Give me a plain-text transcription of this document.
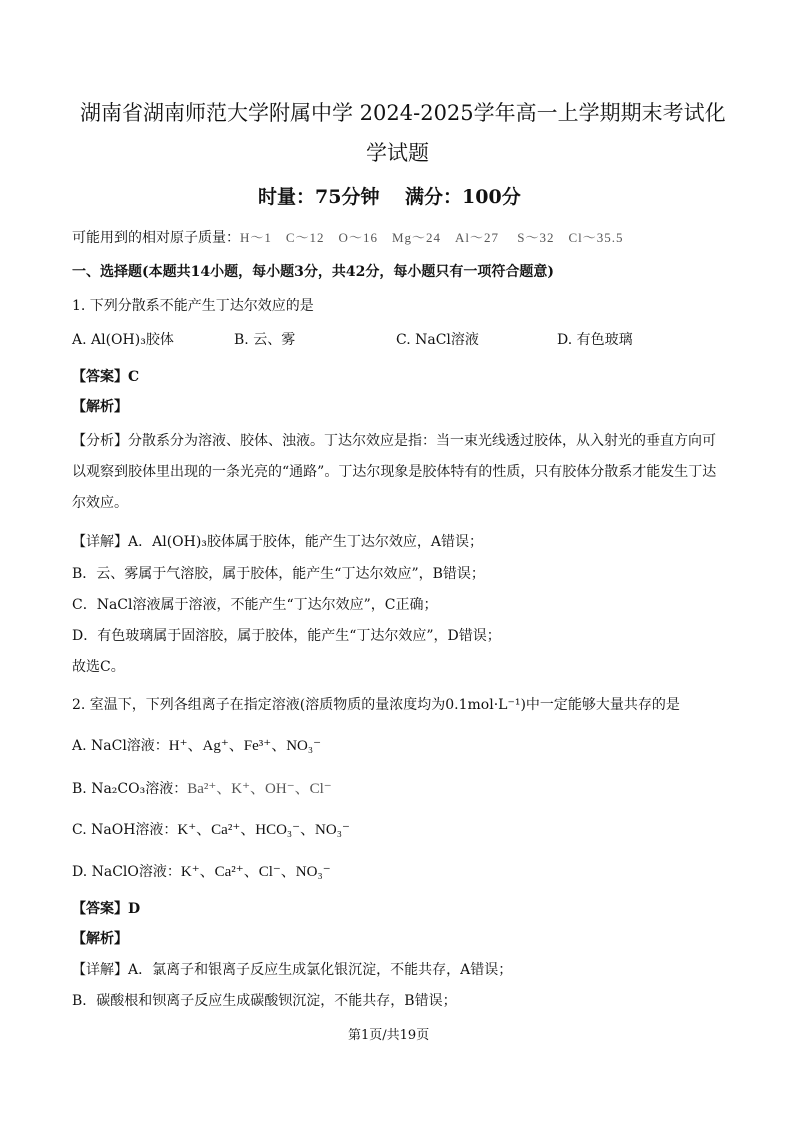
湖南省湖南师范大学附属中学 2024-2025学年高一上学期期末考试化
学试题
时量：75分钟　 满分：100分
可能用到的相对原子质量：H～1　C～12　O～16　Mg～24　Al～27　 S～32　Cl～35.5
一、选择题(本题共14小题，每小题3分，共42分，每小题只有一项符合题意)
1. 下列分散系不能产生丁达尔效应的是
A. Al(OH)₃胶体	B. 云、雾	C. NaCl溶液	D. 有色玻璃
【答案】C
【解析】
【分析】分散系分为溶液、胶体、浊液。丁达尔效应是指：当一束光线透过胶体，从入射光的垂直方向可以观察到胶体里出现的一条光亮的“通路”。丁达尔现象是胶体特有的性质，只有胶体分散系才能发生丁达尔效应。
【详解】A．Al(OH)₃胶体属于胶体，能产生丁达尔效应，A错误；
B．云、雾属于气溶胶，属于胶体，能产生“丁达尔效应”，B错误；
C．NaCl溶液属于溶液，不能产生“丁达尔效应”，C正确；
D．有色玻璃属于固溶胶，属于胶体，能产生“丁达尔效应”，D错误；
故选C。
2. 室温下，下列各组离子在指定溶液(溶质物质的量浓度均为0.1mol·L⁻¹)中一定能够大量共存的是
A. NaCl溶液：H⁺、Ag⁺、Fe³⁺、NO₃⁻
B. Na₂CO₃溶液：Ba²⁺、K⁺、OH⁻、Cl⁻
C. NaOH溶液：K⁺、Ca²⁺、HCO₃⁻、NO₃⁻
D. NaClO溶液：K⁺、Ca²⁺、Cl⁻、NO₃⁻
【答案】D
【解析】
【详解】A．氯离子和银离子反应生成氯化银沉淀，不能共存，A错误；
B．碳酸根和钡离子反应生成碳酸钡沉淀，不能共存，B错误；
第1页/共19页
